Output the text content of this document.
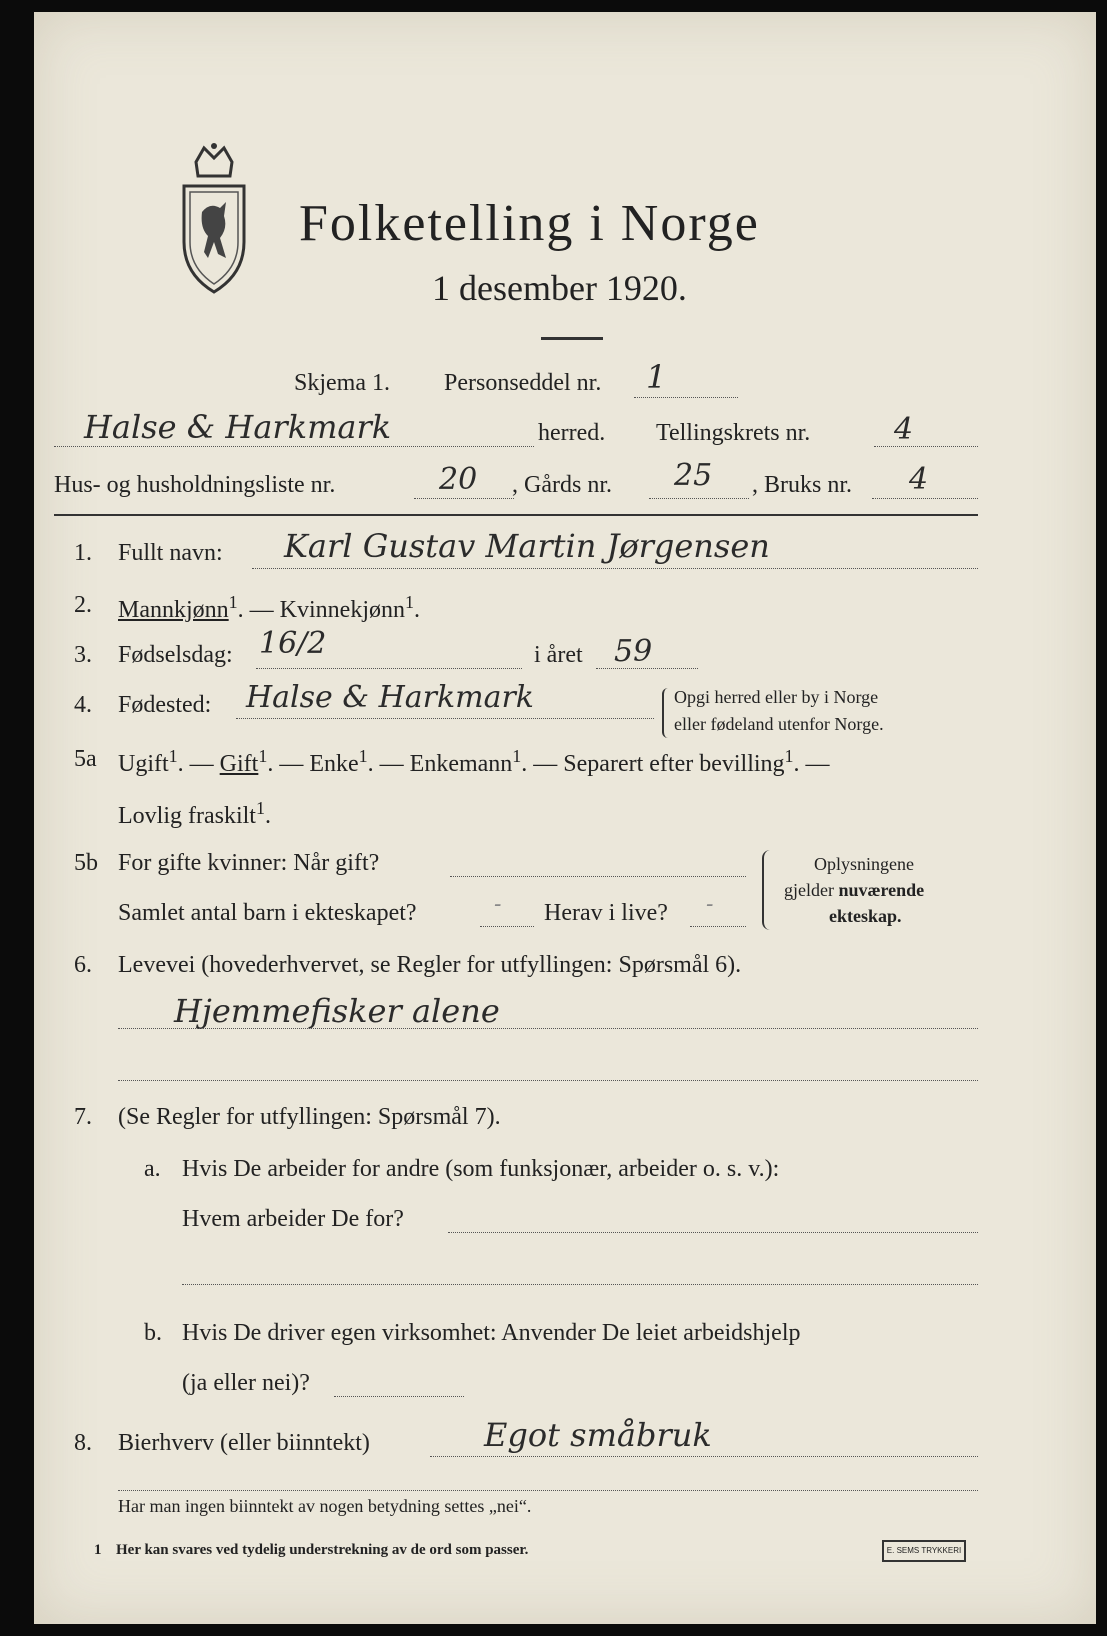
Folketelling i Norge
1 desember 1920.
Skjema 1. Personseddel nr. 1
Halse & Harkmark	herred. Tellingskrets nr.	4
Hus- og husholdningsliste nr.	20 , Gårds nr. 25 , Bruks nr. 4
1. Fullt navn: Karl Gustav Martin Jørgensen
2. Mannkjønn$^1$. — Kvinnekjønn$^1$.
3. Fødselsdag: 16/2	i året 59
4. Fødested: Halse & Harkmark	Opgi herred eller by i Norge
eller fødeland utenfor Norge.
5a Ugift$^1$. — Gift$^1$. — Enke$^1$. — Enkemann$^1$. — Separert efter bevilling$^1$. —
Lovlig fraskilt$^1$.
5b For gifte kvinner: Når gift?
Samlet antal barn i ekteskapet?	- Herav i live? -
Oplysningene
gjelder nuværende
ekteskap.
6. Levevei (hovederhvervet, se Regler for utfyllingen: Spørsmål 6).
Hjemmefisker alene
7. (Se Regler for utfyllingen: Spørsmål 7).
a. Hvis De arbeider for andre (som funksjonær, arbeider o. s. v.):
Hvem arbeider De for?
b. Hvis De driver egen virksomhet: Anvender De leiet arbeidshjelp
(ja eller nei)?
8. Bierhverv (eller biinntekt)	Egot småbruk
Har man ingen biinntekt av nogen betydning settes „nei“.
1 Her kan svares ved tydelig understrekning av de ord som passer.	E. SEMS TRYKKERI
